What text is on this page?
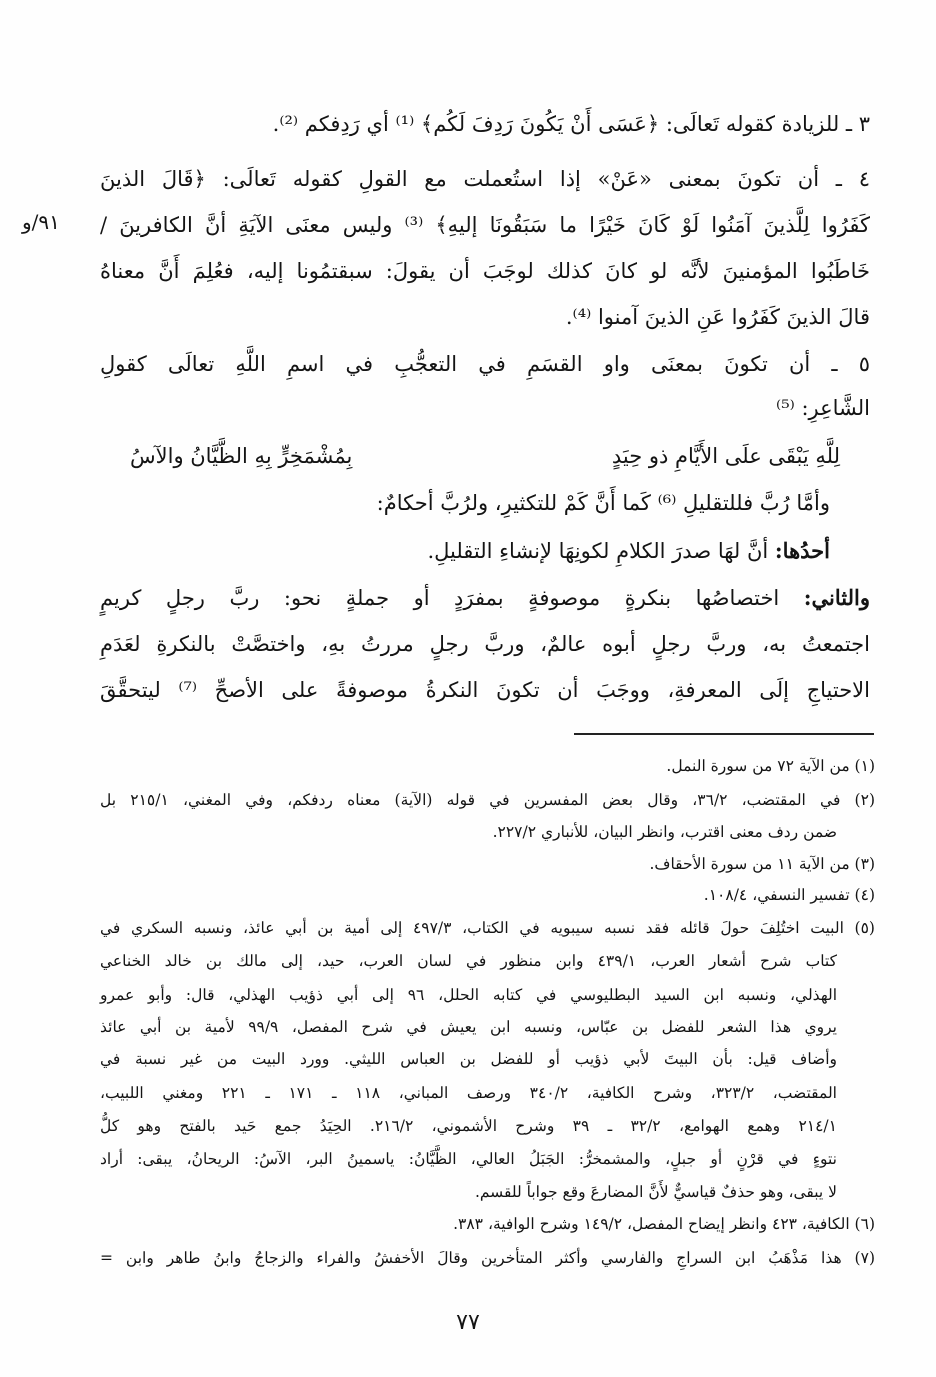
٣ ـ للزيادة كقوله تَعالَى: ﴿عَسَى أَنْ يَكُونَ رَدِفَ لَكُم﴾ ⁽¹⁾ أي رَدِفكم ⁽²⁾.
٤ ـ أن تكونَ بمعنى «عَنْ» إذا استُعملت مع القولِ كقوله تَعالَى: ﴿قَالَ الذينَ
كَفَرُوا لِلَّذينَ آمَنُوا لَوْ كَانَ خَيْرًا ما سَبَقُونَا إليهِ﴾ ⁽³⁾ وليس معنَى الآيَةِ أنَّ الكافرينَ /
خَاطَبُوا المؤمنينَ لأنَّه لو كانَ كذلك لوجَبَ أن يقولَ: سبقتمُونا إليه، فعُلِمَ أَنَّ معناهُ
قالَ الذينَ كَفَرُوا عَنِ الذينَ آمنوا ⁽⁴⁾.
٥ ـ أن تكونَ بمعنَى واو القسَمِ في التعجُّبِ في اسمِ اللَّهِ تعالَى كقولِ
الشَّاعِرِ: ⁽⁵⁾
لِلَّهِ يَبْقَى علَى الأَيَّامِ ذو حِيَدٍ
بِمُشْمَخِرٍّ بِهِ الظَّيَّانُ والآسُ
وأمَّا رُبَّ فللتقليلِ ⁽⁶⁾ كَما أَنَّ كَمْ للتكثيرِ، ولرُبَّ أحكامٌ:
أحدُها: أنَّ لهَا صدرَ الكلامِ لكونِهَا لإنشاءِ التقليلِ.
والثاني: اختصاصُها بنكرةٍ موصوفةٍ بمفرَدٍ أو جملةٍ نحو: ربَّ رجلٍ كريمٍ
اجتمعتُ به، وربَّ رجلٍ أبوه عالمٌ، وربَّ رجلٍ مررتُ بهِ، واختصَّتْ بالنكرةِ لعَدَمِ
الاحتياجِ إلَى المعرفةِ، ووجَبَ أن تكونَ النكرةُ موصوفةً على الأصحِّ ⁽⁷⁾ ليتحقَّقَ
٩١/و
(١) من الآية ٧٢ من سورة النمل.
(٢) في المقتضب، ٣٦/٢، وقال بعض المفسرين في قوله (الآية) معناه ردفكم، وفي المغني، ٢١٥/١ بل
ضمن ردف معنى اقترب، وانظر البيان، للأنباري ٢٢٧/٢.
(٣) من الآية ١١ من سورة الأحقاف.
(٤) تفسير النسفي، ١٠٨/٤.
(٥) البيت اختُلِفَ حولَ قائله فقد نسبه سيبويه في الكتاب، ٤٩٧/٣ إلى أمية بن أبي عائذ، ونسبه السكري في
كتاب شرح أشعار العرب، ٤٣٩/١ وابن منظور في لسان العرب، حيد، إلى مالك بن خالد الخناعي
الهذلي، ونسبه ابن السيد البطليوسي في كتابه الحلل، ٩٦ إلى أبي ذؤيب الهذلي، قال: وأبو عمرو
يروي هذا الشعر للفضل بن عبّاس، ونسبه ابن يعيش في شرح المفصل، ٩٩/٩ لأمية بن أبي عائذ
وأضاف قيل: بأن البيتَ لأبي ذؤيب أو للفضل بن العباس الليثي. وورد البيت من غير نسبة في
المقتضب، ٣٢٣/٢، وشرح الكافية، ٣٤٠/٢ ورصف المباني، ١١٨ ـ ١٧١ ـ ٢٢١ ومغني اللبيب،
٢١٤/١ وهمع الهوامع، ٣٢/٢ ـ ٣٩ وشرح الأشموني، ٢١٦/٢. الحِيَدُ جمع حَيد بالفتح وهو كلُّ
نتوءٍ في قرْنٍ أو جبلٍ، والمشمخرُّ: الجَبَلُ العالي، الظَّيَّانُ: ياسمينُ البر، الآسُ: الريحانُ، يبقى: أراد
لا يبقى، وهو حذفٌ قياسيٌّ لأَنَّ المضارعَ وقع جواباً للقسم.
(٦) الكافية، ٤٢٣ وانظر إيضاح المفصل، ١٤٩/٢ وشرح الوافية، ٣٨٣.
(٧) هذا مَذْهَبُ ابن السراجِ والفارسي وأكثر المتأخرين وقالَ الأخفشُ والفراء والزجاجُ وابنُ طاهر وابن =
٧٧
